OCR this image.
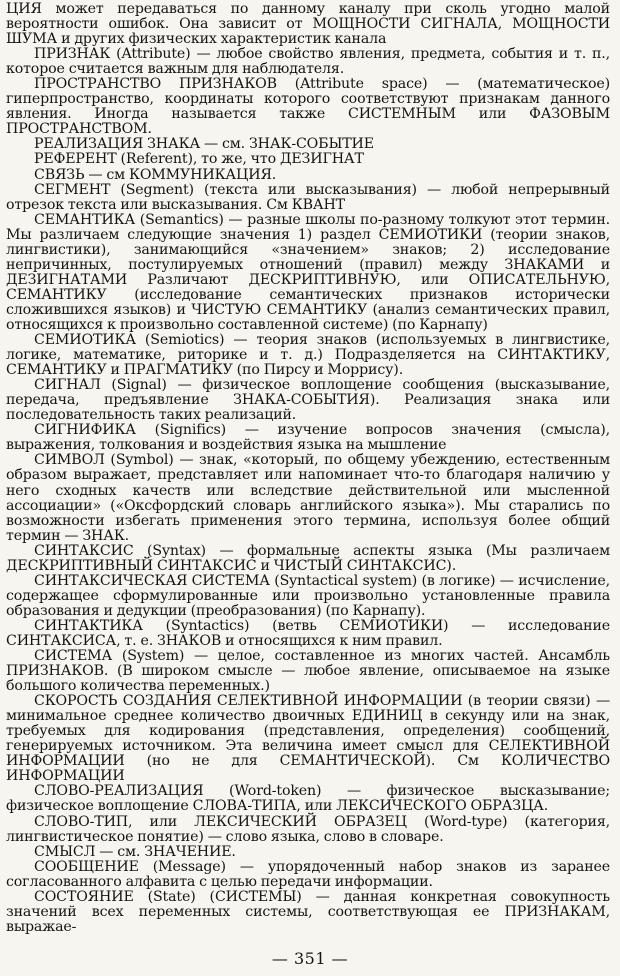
ЦИЯ может передаваться по данному каналу при сколь угодно малой вероятности ошибок. Она зависит от МОЩНОСТИ СИГНАЛА, МОЩНОСТИ ШУМА и других физических характеристик канала

ПРИЗНАК (Attribute) — любое свойство явления, предмета, события и т. п., которое считается важным для наблюдателя.

ПРОСТРАНСТВО ПРИЗНАКОВ (Attribute space) — (математическое) гиперпространство, координаты которого соответствуют признакам данного явления. Иногда называется также СИСТЕМНЫМ или ФАЗОВЫМ ПРОСТРАНСТВОМ.

РЕАЛИЗАЦИЯ ЗНАКА — см. ЗНАК-СОБЫТИЕ

РЕФЕРЕНТ (Referent), то же, что ДЕЗИГНАТ

СВЯЗЬ — см КОММУНИКАЦИЯ.

СЕГМЕНТ (Segment) (текста или высказывания) — любой непрерывный отрезок текста или высказывания. См КВАНТ

СЕМАНТИКА (Semantics) — разные школы по-разному толкуют этот термин. Мы различаем следующие значения 1) раздел СЕМИОТИКИ (теории знаков, лингвистики), занимающийся «значением» знаков; 2) исследование непричинных, постулируемых отношений (правил) между ЗНАКАМИ и ДЕЗИГНАТАМИ Различают ДЕСКРИПТИВНУЮ, или ОПИСАТЕЛЬНУЮ, СЕМАНТИКУ (исследование семантических признаков исторически сложившихся языков) и ЧИСТУЮ СЕМАНТИКУ (анализ семантических правил, относящихся к произвольно составленной системе) (по Карнапу)

СЕМИОТИКА (Semiotics) — теория знаков (используемых в лингвистике, логике, математике, риторике и т. д.) Подразделяется на СИНТАКТИКУ, СЕМАНТИКУ и ПРАГМАТИКУ (по Пирсу и Моррису).

СИГНАЛ (Signal) — физическое воплощение сообщения (высказывание, передача, предъявление ЗНАКА-СОБЫТИЯ). Реализация знака или последовательность таких реализаций.

СИГНИФИКА (Significs) — изучение вопросов значения (смысла), выражения, толкования и воздействия языка на мышление

СИМВОЛ (Symbol) — знак, «который, по общему убеждению, естественным образом выражает, представляет или напоминает что-то благодаря наличию у него сходных качеств или вследствие действительной или мысленной ассоциации» («Оксфордский словарь английского языка»). Мы старались по возможности избегать применения этого термина, используя более общий термин — ЗНАК.

СИНТАКСИС (Syntax) — формальные аспекты языка (Мы различаем ДЕСКРИПТИВНЫЙ СИНТАКСИС и ЧИСТЫЙ СИНТАКСИС).

СИНТАКСИЧЕСКАЯ СИСТЕМА (Syntactical system) (в логике) — исчисление, содержащее сформулированные или произвольно установленные правила образования и дедукции (преобразования) (по Карнапу).

СИНТАКТИКА (Syntactics) (ветвь СЕМИОТИКИ) — исследование СИНТАКСИСА, т. е. ЗНАКОВ и относящихся к ним правил.

СИСТЕМА (System) — целое, составленное из многих частей. Ансамбль ПРИЗНАКОВ. (В широком смысле — любое явление, описываемое на языке большого количества переменных.)

СКОРОСТЬ СОЗДАНИЯ СЕЛЕКТИВНОЙ ИНФОРМАЦИИ (в теории связи) — минимальное среднее количество двоичных ЕДИНИЦ в секунду или на знак, требуемых для кодирования (представления, определения) сообщений, генерируемых источником. Эта величина имеет смысл для СЕЛЕКТИВНОЙ ИНФОРМАЦИИ (но не для СЕМАНТИЧЕСКОЙ). См КОЛИЧЕСТВО ИНФОРМАЦИИ

СЛОВО-РЕАЛИЗАЦИЯ (Word-token) — физическое высказывание; физическое воплощение СЛОВА-ТИПА, или ЛЕКСИЧЕСКОГО ОБРАЗЦА.

СЛОВО-ТИП, или ЛЕКСИЧЕСКИЙ ОБРАЗЕЦ (Word-type) (категория, лингвистическое понятие) — слово языка, слово в словаре.

СМЫСЛ — см. ЗНАЧЕНИЕ.

СООБЩЕНИЕ (Message) — упорядоченный набор знаков из заранее согласованного алфавита с целью передачи информации.

СОСТОЯНИЕ (State) (СИСТЕМЫ) — данная конкретная совокупность значений всех переменных системы, соответствующая ее ПРИЗНАКАМ, выражае-

— 351 —
